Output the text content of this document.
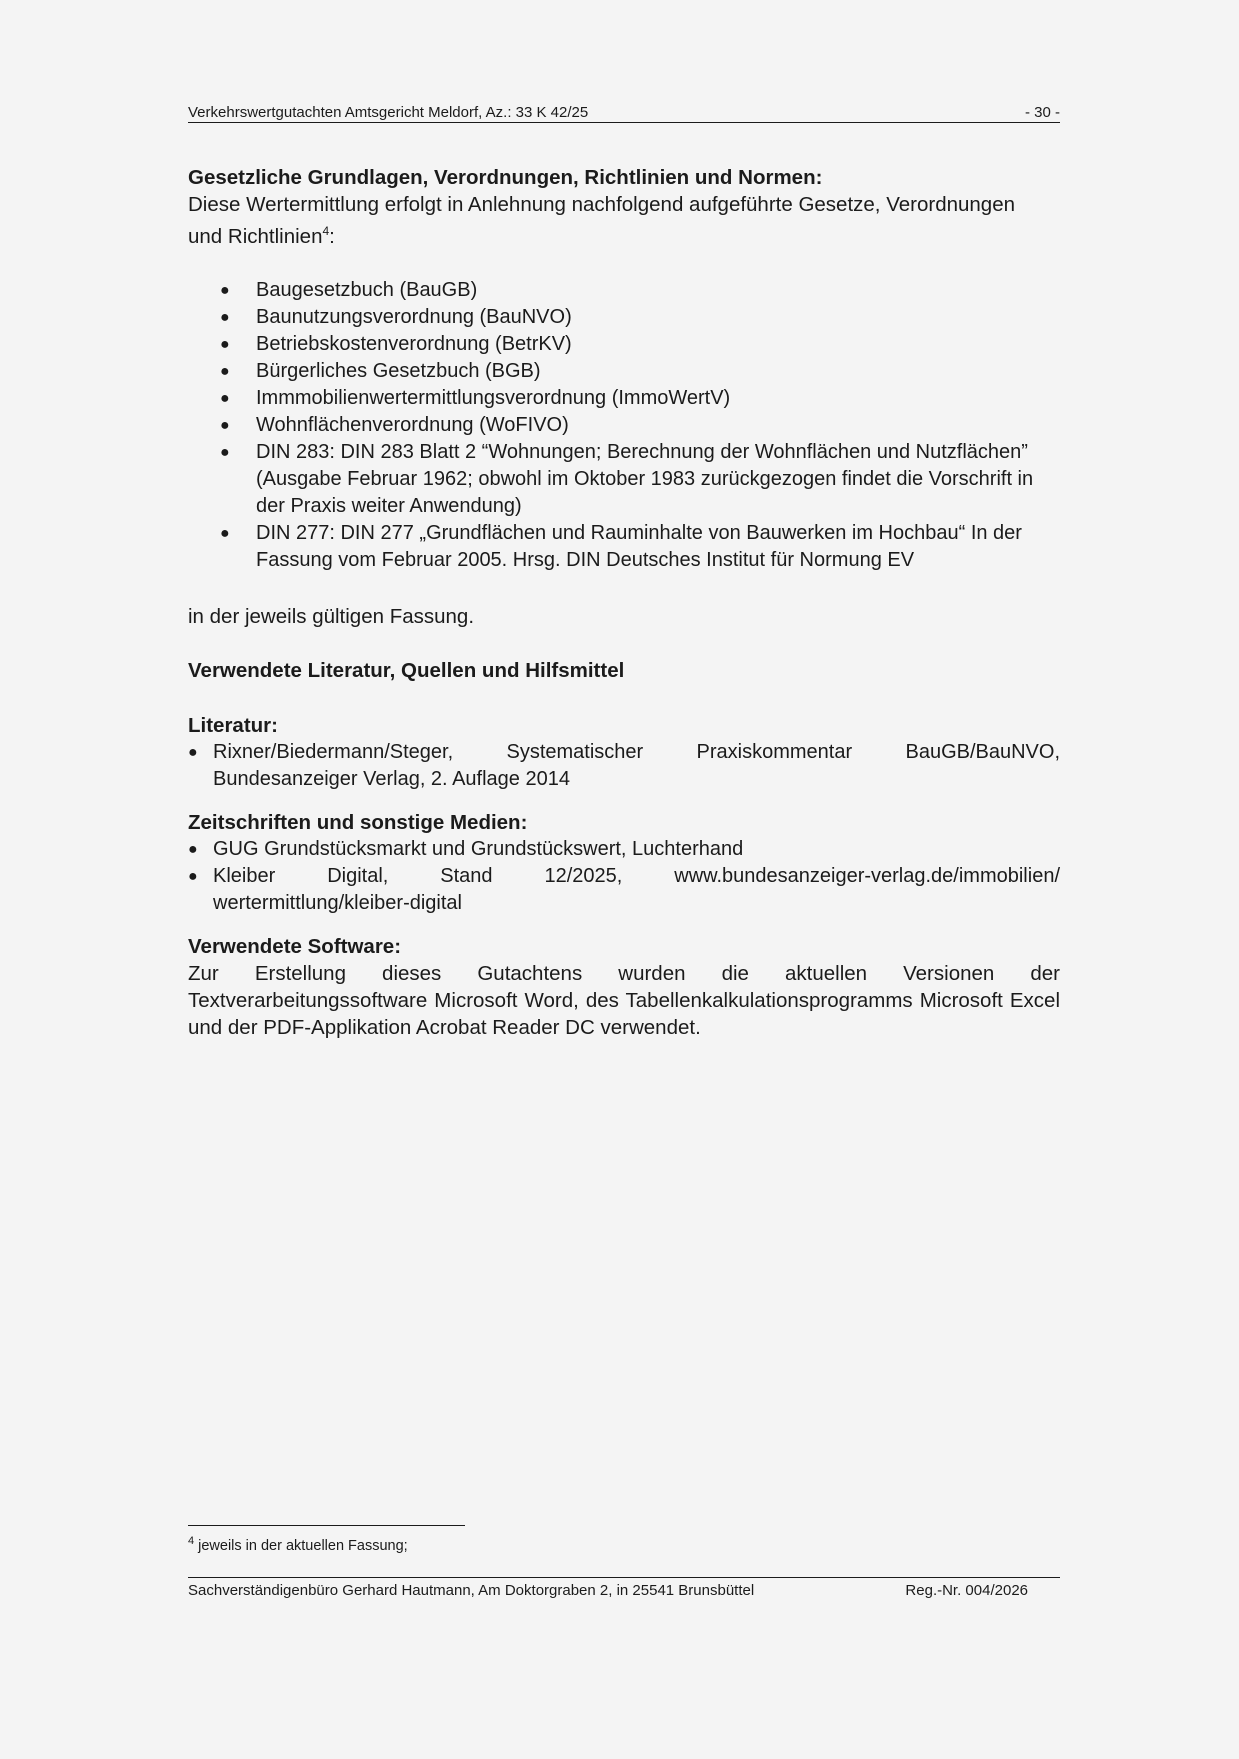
Verkehrswertgutachten Amtsgericht Meldorf, Az.: 33 K 42/25	- 30 -

Gesetzliche Grundlagen, Verordnungen, Richtlinien und Normen:

Diese Wertermittlung erfolgt in Anlehnung nachfolgend aufgeführte Gesetze, Verordnungen

und Richtlinien$^4$:

● Baugesetzbuch (BauGB)
● Baunutzungsverordnung (BauNVO)
● Betriebskostenverordnung (BetrKV)
● Bürgerliches Gesetzbuch (BGB)
● Immmobilienwertermittlungsverordnung (ImmoWertV)
● Wohnflächenverordnung (WoFIVO)
● DIN 283: DIN 283 Blatt 2 “Wohnungen; Berechnung der Wohnflächen und Nutzflächen” (Ausgabe Februar 1962; obwohl im Oktober 1983 zurückgezogen findet die Vorschrift in der Praxis weiter Anwendung)
● DIN 277: DIN 277 „Grundflächen und Rauminhalte von Bauwerken im Hochbau“ In der Fassung vom Februar 2005. Hrsg. DIN Deutsches Institut für Normung EV

in der jeweils gültigen Fassung.

Verwendete Literatur, Quellen und Hilfsmittel

Literatur:

● Rixner/Biedermann/Steger, Systematischer Praxiskommentar BauGB/BauNVO, Bundesanzeiger Verlag, 2. Auflage 2014

Zeitschriften und sonstige Medien:

● GUG Grundstücksmarkt und Grundstückswert, Luchterhand
● Kleiber Digital, Stand 12/2025, www.bundesanzeiger-verlag.de/immobilien/ wertermittlung/kleiber-digital

Verwendete Software:

Zur Erstellung dieses Gutachtens wurden die aktuellen Versionen der Textverarbeitungssoftware Microsoft Word, des Tabellenkalkulationsprogramms Microsoft Excel und der PDF-Applikation Acrobat Reader DC verwendet.

$^4$ jeweils in der aktuellen Fassung;
Sachverständigenbüro Gerhard Hautmann, Am Doktorgraben 2, in 25541 Brunsbüttel	Reg.-Nr. 004/2026
